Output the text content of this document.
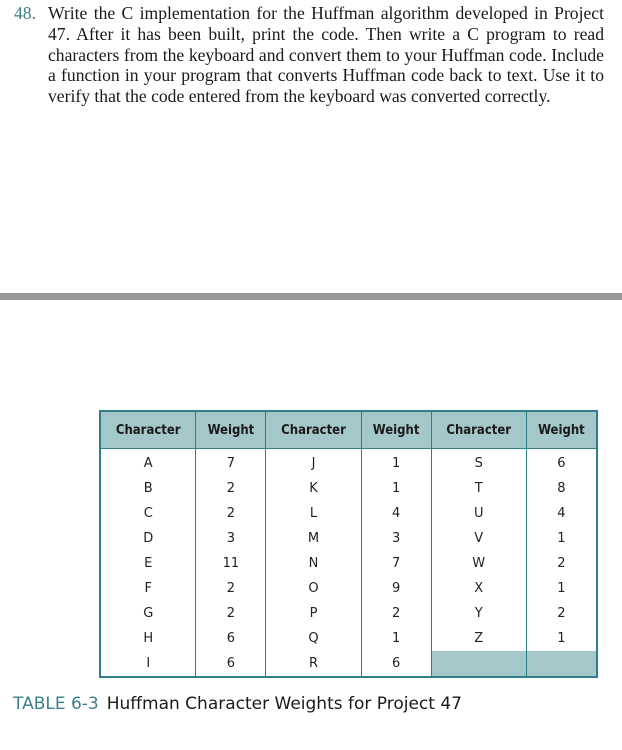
48. Write the C implementation for the Huffman algorithm developed in Project 47. After it has been built, print the code. Then write a C program to read characters from the keyboard and convert them to your Huffman code. Include a function in your program that converts Huffman code back to text. Use it to verify that the code entered from the keyboard was converted correctly.
Character	Weight	Character	Weight	Character	Weight
A	7	J	1	S	6
B	2	K	1	T	8
C	2	L	4	U	4
D	3	M	3	V	1
E	11	N	7	W	2
F	2	O	9	X	1
G	2	P	2	Y	2
H	6	Q	1	Z	1
I	6	R	6		
TABLE 6-3 Huffman Character Weights for Project 47
